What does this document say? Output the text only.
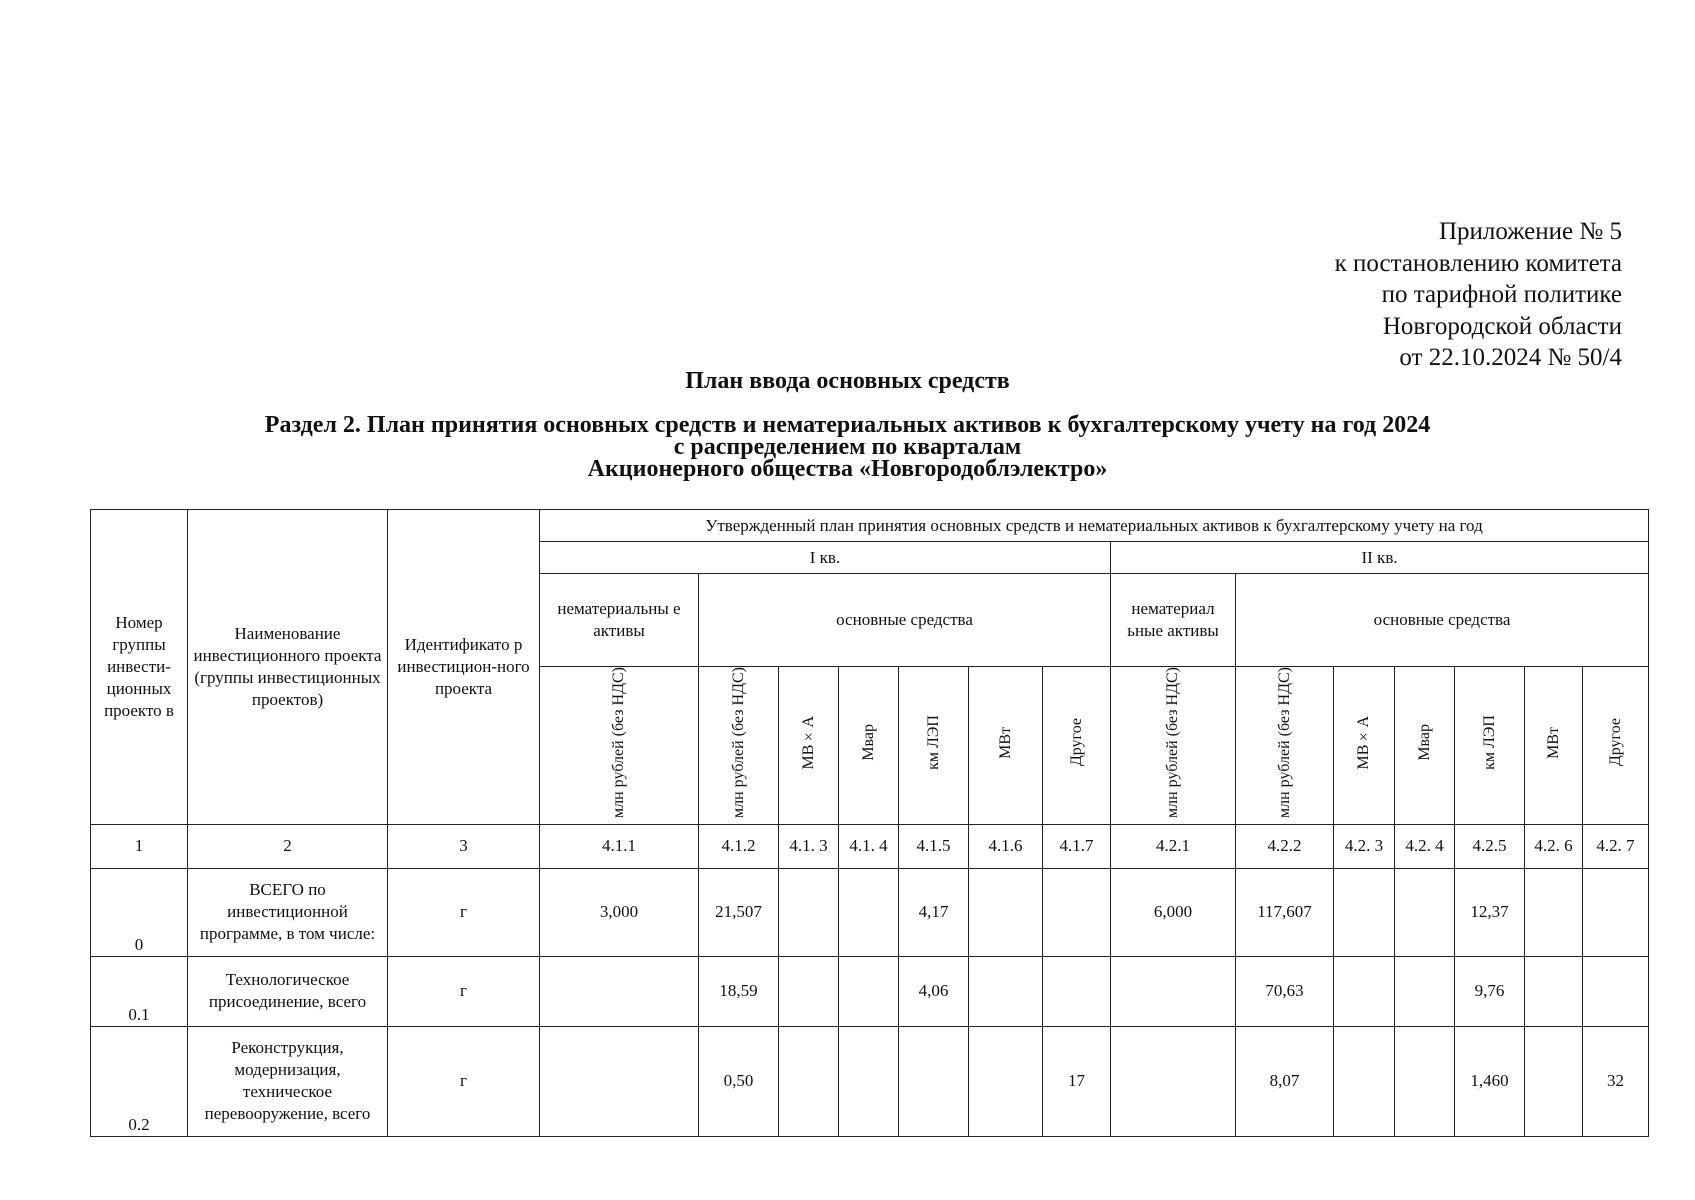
Приложение № 5
к постановлению комитета
по тарифной политике
Новгородской области
от 22.10.2024 № 50/4
План ввода основных средств
Раздел 2. План принятия основных средств и нематериальных активов к бухгалтерскому учету на год 2024
с распределением по кварталам
Акционерного общества «Новгородоблэлектро»
Номер группы инвести-ционных проекто в	Наименование инвестиционного проекта (группы инвестиционных проектов)	Идентификато р инвестицион-ного проекта	Утвержденный план принятия основных средств и нематериальных активов к бухгалтерскому учету на год													
			I кв.							II кв.						
			нематериальны е активы	основные средства						нематериал ьные активы	основные средства					
			млн рублей (без НДС)	млн рублей (без НДС)	МВ×А	Мвар	км ЛЭП	МВт	Другое	млн рублей (без НДС)	млн рублей (без НДС)	МВ×А	Мвар	км ЛЭП	МВт	Другое
1	2	3	4.1.1	4.1.2	4.1. 3	4.1. 4	4.1.5	4.1.6	4.1.7	4.2.1	4.2.2	4.2. 3	4.2. 4	4.2.5	4.2. 6	4.2. 7
0	ВСЕГО по инвестиционной программе, в том числе:	г	3,000	21,507			4,17			6,000	117,607			12,37		
0.1	Технологическое присоединение, всего	г		18,59			4,06				70,63			9,76		
0.2	Реконструкция, модернизация, техническое перевооружение, всего	г		0,50					17		8,07			1,460		32
